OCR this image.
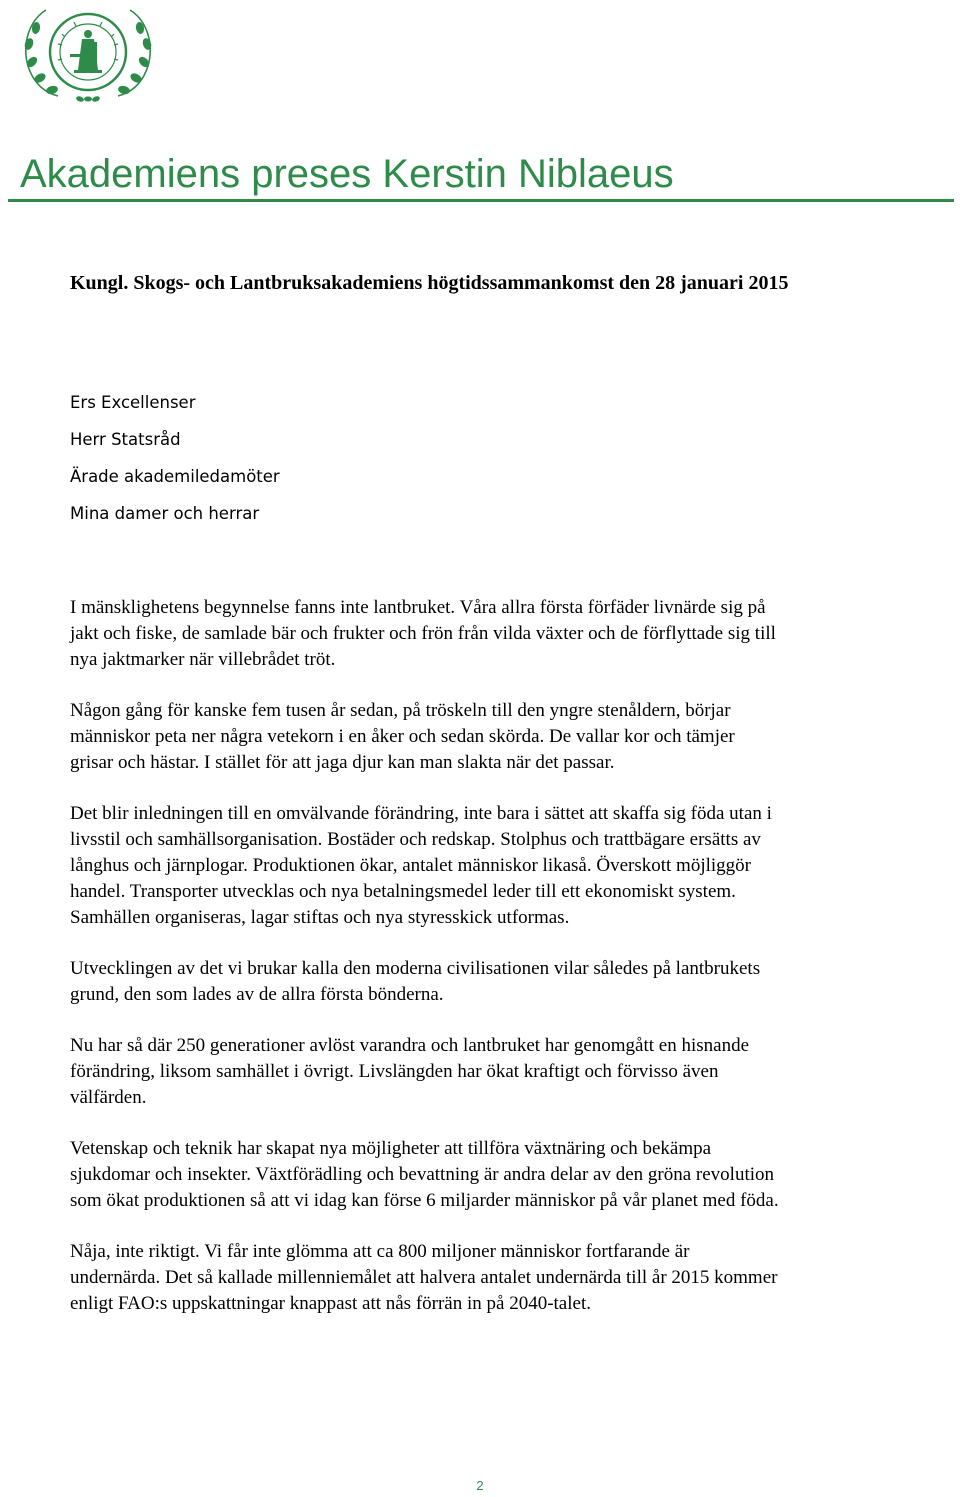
Akademiens preses Kerstin Niblaeus
Kungl. Skogs- och Lantbruksakademiens högtidssammankomst den 28 januari 2015
Ers Excellenser
Herr Statsråd
Ärade akademiledamöter
Mina damer och herrar

I mänsklighetens begynnelse fanns inte lantbruket. Våra allra första förfäder livnärde sig på
jakt och fiske, de samlade bär och frukter och frön från vilda växter och de förflyttade sig till
nya jaktmarker när villebrådet tröt.

Någon gång för kanske fem tusen år sedan, på tröskeln till den yngre stenåldern, börjar
människor peta ner några vetekorn i en åker och sedan skörda. De vallar kor och tämjer
grisar och hästar. I stället för att jaga djur kan man slakta när det passar.

Det blir inledningen till en omvälvande förändring, inte bara i sättet att skaffa sig föda utan i
livsstil och samhällsorganisation. Bostäder och redskap. Stolphus och trattbägare ersätts av
långhus och järnplogar. Produktionen ökar, antalet människor likaså. Överskott möjliggör
handel. Transporter utvecklas och nya betalningsmedel leder till ett ekonomiskt system.
Samhällen organiseras, lagar stiftas och nya styresskick utformas.

Utvecklingen av det vi brukar kalla den moderna civilisationen vilar således på lantbrukets
grund, den som lades av de allra första bönderna.

Nu har så där 250 generationer avlöst varandra och lantbruket har genomgått en hisnande
förändring, liksom samhället i övrigt. Livslängden har ökat kraftigt och förvisso även
välfärden.

Vetenskap och teknik har skapat nya möjligheter att tillföra växtnäring och bekämpa
sjukdomar och insekter. Växtförädling och bevattning är andra delar av den gröna revolution
som ökat produktionen så att vi idag kan förse 6 miljarder människor på vår planet med föda.

Nåja, inte riktigt. Vi får inte glömma att ca 800 miljoner människor fortfarande är
undernärda. Det så kallade millenniemålet att halvera antalet undernärda till år 2015 kommer
enligt FAO:s uppskattningar knappast att nås förrän in på 2040-talet.

2
